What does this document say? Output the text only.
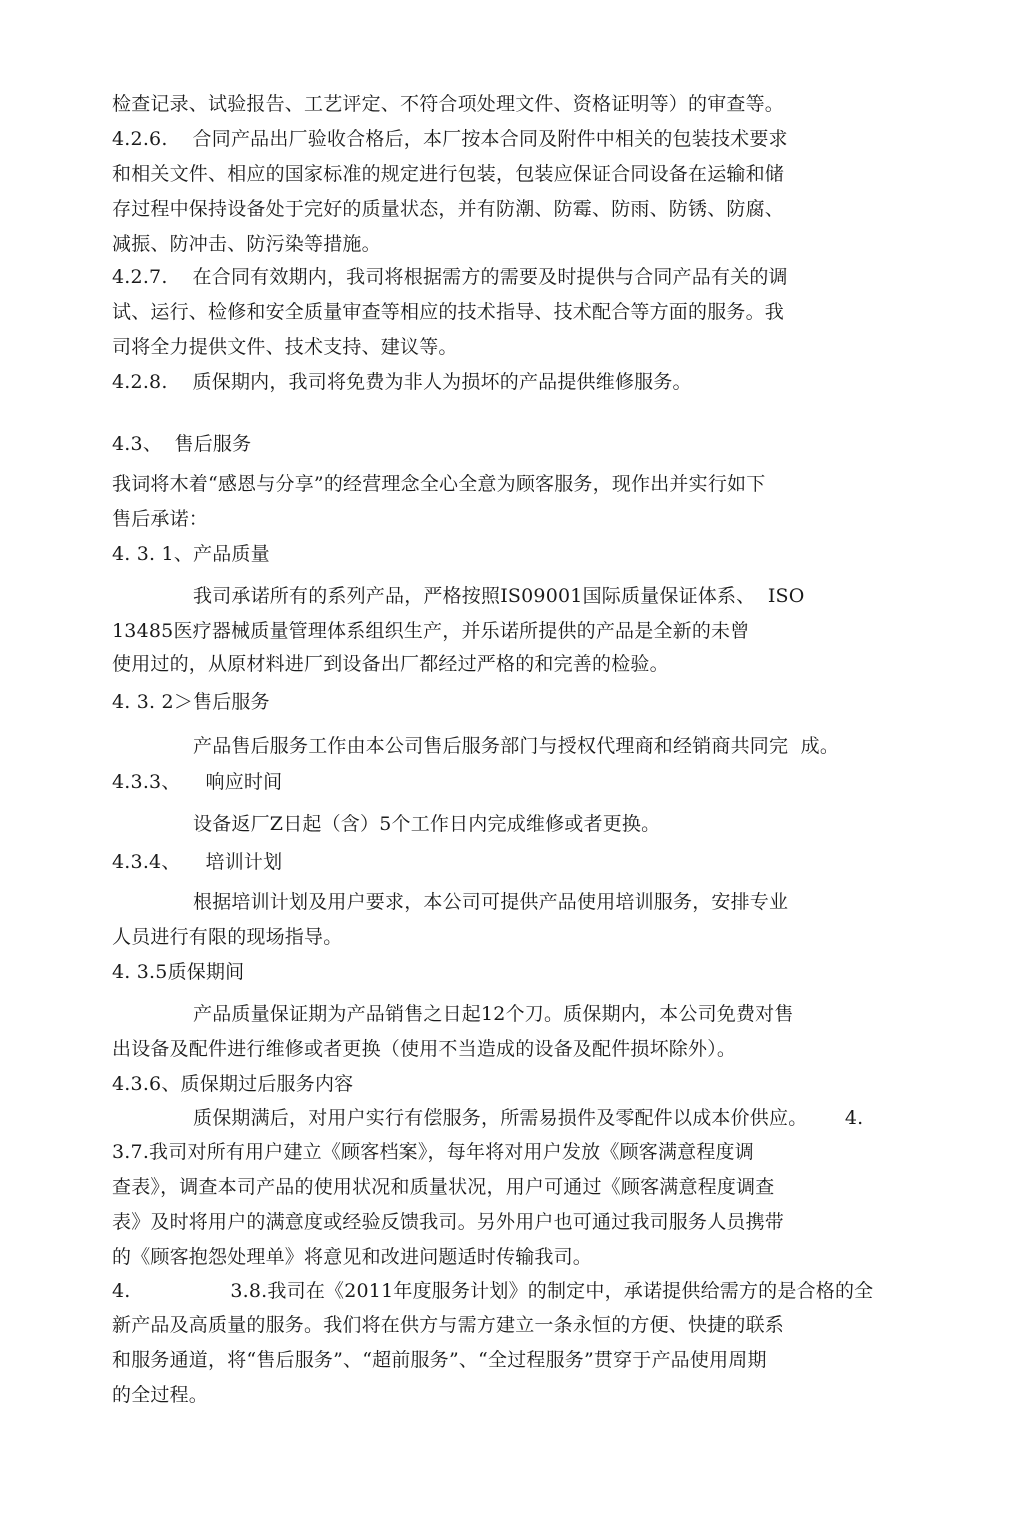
检查记录、试验报告、工艺评定、不符合项处理文件、资格证明等）的审查等。
4.2.6.    合同产品出厂验收合格后，本厂按本合同及附件中相关的包装技术要求
和相关文件、相应的国家标准的规定进行包装，包装应保证合同设备在运输和储
存过程中保持设备处于完好的质量状态，并有防潮、防霉、防雨、防锈、防腐、
减振、防冲击、防污染等措施。
4.2.7.    在合同有效期内，我司将根据需方的需要及时提供与合同产品有关的调
试、运行、检修和安全质量审查等相应的技术指导、技术配合等方面的服务。我
司将全力提供文件、技术支持、建议等。
4.2.8.    质保期内，我司将免费为非人为损坏的产品提供维修服务。
4.3、  售后服务
我词将木着“感恩与分享”的经营理念全心全意为顾客服务，现作出并实行如下
售后承诺：
4. 3. 1、产品质量
我司承诺所有的系列产品，严格按照IS09001国际质量保证体系、  ISO
13485医疗器械质量管理体系组织生产，并乐诺所提供的产品是全新的未曾
使用过的，从原材料进厂到设备出厂都经过严格的和完善的检验。
4. 3. 2＞售后服务
产品售后服务工作由本公司售后服务部门与授权代理商和经销商共同完  成。
4.3.3、    响应时间
设备返厂Z日起（含）5个工作日内完成维修或者更换。
4.3.4、    培训计划
根据培训计划及用户要求，本公司可提供产品使用培训服务，安排专业
人员进行有限的现场指导。
4. 3.5质保期间
产品质量保证期为产品销售之日起12个刀。质保期内，本公司免费对售
出设备及配件进行维修或者更换（使用不当造成的设备及配件损坏除外）。
4.3.6、质保期过后服务内容
质保期满后，对用户实行有偿服务，所需易损件及零配件以成本价供应。      4.
3.7.我司对所有用户建立《顾客档案》，每年将对用户发放《顾客满意程度调
查表》，调查本司产品的使用状况和质量状况，用户可通过《顾客满意程度调查
表》及时将用户的满意度或经验反馈我司。另外用户也可通过我司服务人员携带
的《顾客抱怨处理单》将意见和改进问题适时传输我司。
4.                3.8.我司在《2011年度服务计划》的制定中，承诺提供给需方的是合格的全
新产品及高质量的服务。我们将在供方与需方建立一条永恒的方便、快捷的联系
和服务通道，将“售后服务”、“超前服务”、“全过程服务”贯穿于产品使用周期
的全过程。
